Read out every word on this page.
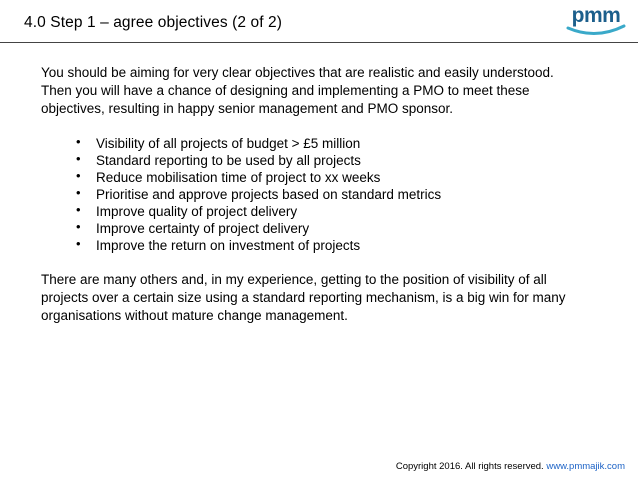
4.0 Step 1 – agree objectives (2 of 2)	pmm

You should be aiming for very clear objectives that are realistic and easily understood.
Then you will have a chance of designing and implementing a PMO to meet these
objectives, resulting in happy senior management and PMO sponsor.

• Visibility of all projects of budget > £5 million
• Standard reporting to be used by all projects
• Reduce mobilisation time of project to xx weeks
• Prioritise and approve projects based on standard metrics
• Improve quality of project delivery
• Improve certainty of project delivery
• Improve the return on investment of projects

There are many others and, in my experience, getting to the position of visibility of all
projects over a certain size using a standard reporting mechanism, is a big win for many
organisations without mature change management.

Copyright 2016. All rights reserved. www.pmmajik.com
